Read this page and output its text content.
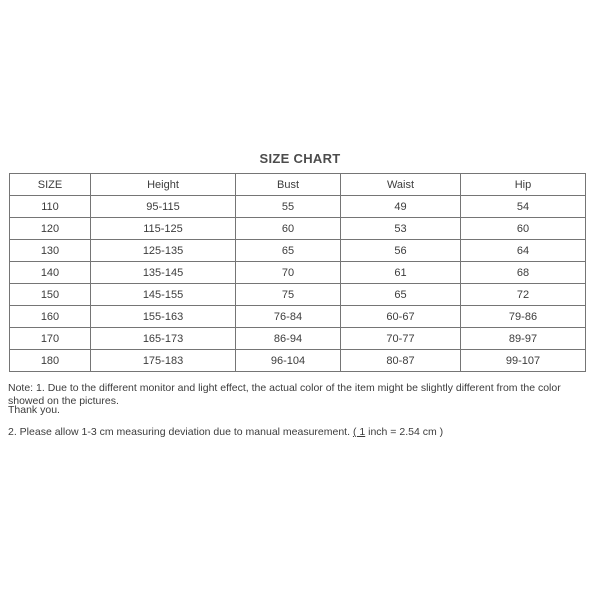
SIZE CHART
SIZE	Height	Bust	Waist	Hip
110	95-115	55	49	54
120	115-125	60	53	60
130	125-135	65	56	64
140	135-145	70	61	68
150	145-155	75	65	72
160	155-163	76-84	60-67	79-86
170	165-173	86-94	70-77	89-97
180	175-183	96-104	80-87	99-107

Note: 1. Due to the different monitor and light effect, the actual color of the item might be slightly different from the color showed on the pictures.

Thank you.

2. Please allow 1-3 cm measuring deviation due to manual measurement. ( 1 inch = 2.54 cm )
